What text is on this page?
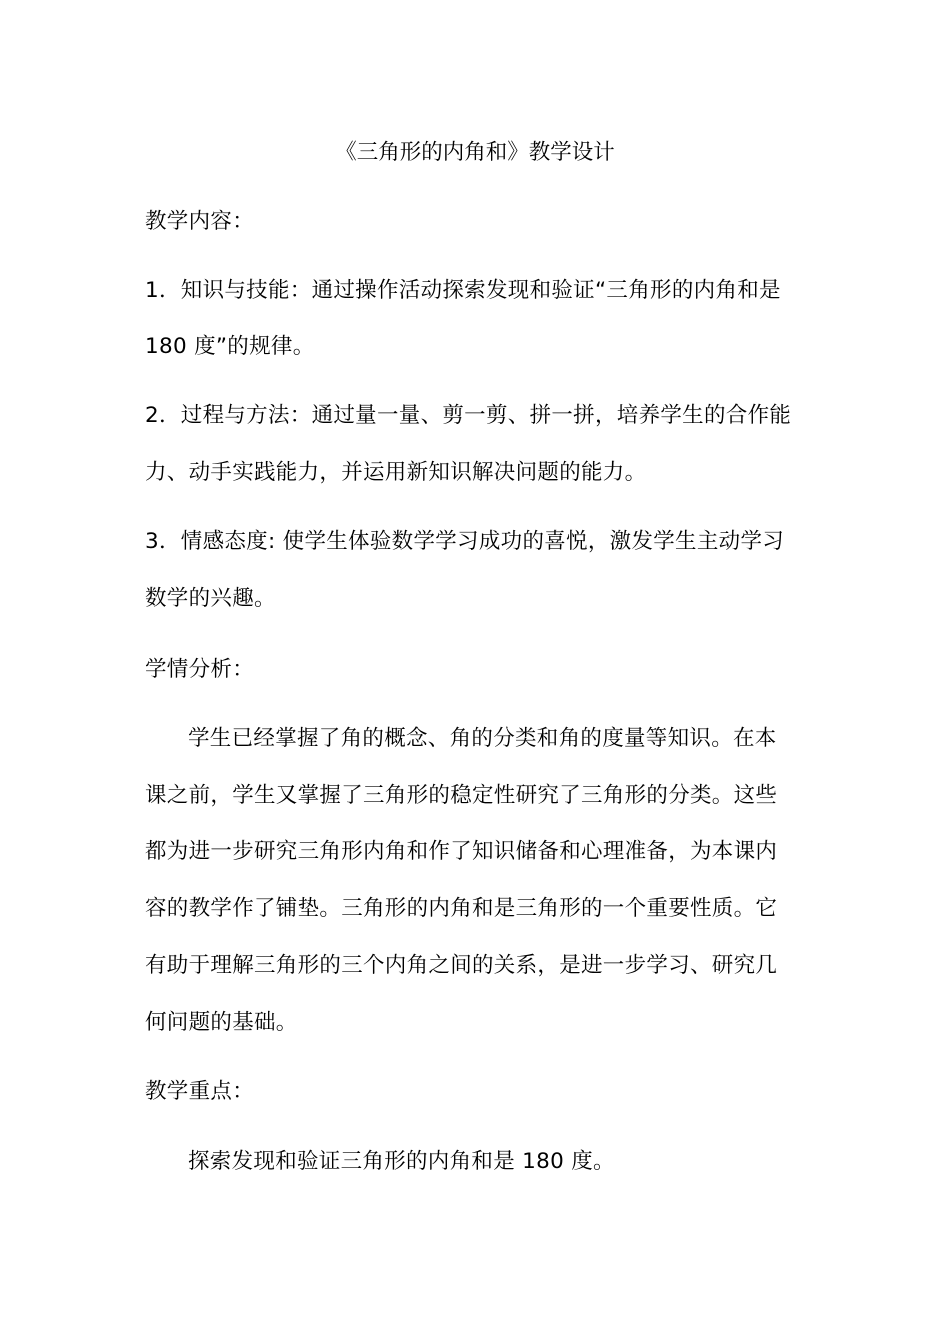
《三角形的内角和》教学设计
教学内容：
1．知识与技能：通过操作活动探索发现和验证“三角形的内角和是
180 度”的规律。
2．过程与方法：通过量一量、剪一剪、拼一拼，培养学生的合作能
力、动手实践能力，并运用新知识解决问题的能力。
3．情感态度: 使学生体验数学学习成功的喜悦，激发学生主动学习
数学的兴趣。
学情分析：
学生已经掌握了角的概念、角的分类和角的度量等知识。在本
课之前，学生又掌握了三角形的稳定性研究了三角形的分类。这些
都为进一步研究三角形内角和作了知识储备和心理准备，为本课内
容的教学作了铺垫。三角形的内角和是三角形的一个重要性质。它
有助于理解三角形的三个内角之间的关系，是进一步学习、研究几
何问题的基础。
教学重点：
探索发现和验证三角形的内角和是 180 度。
